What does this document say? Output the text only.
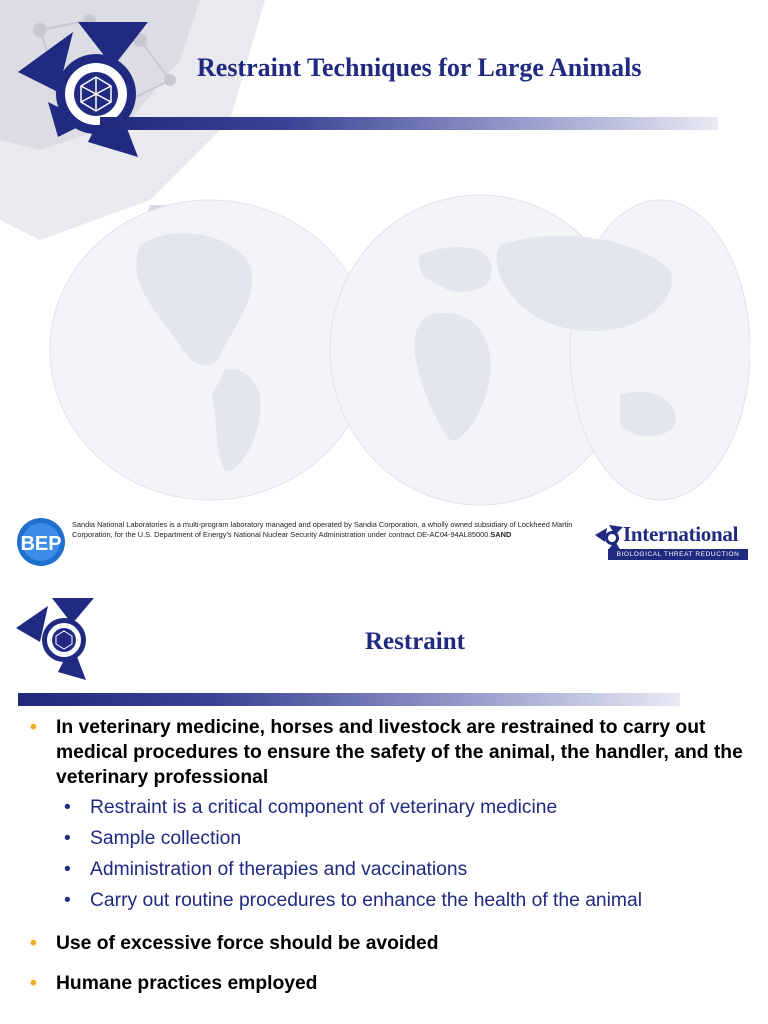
Restraint Techniques for Large Animals
BEP
Sandia National Laboratories is a multi-program laboratory managed and operated by Sandia Corporation, a wholly owned subsidiary of Lockheed Martin Corporation, for the U.S. Department of Energy's National Nuclear Security Administration under contract DE-AC04-94AL85000.SAND	International
BIOLOGICAL THREAT REDUCTION
Restraint
• In veterinary medicine, horses and livestock are restrained to carry out medical procedures to ensure the safety of the animal, the handler, and the veterinary professional
• Restraint is a critical component of veterinary medicine
• Sample collection
• Administration of therapies and vaccinations
• Carry out routine procedures to enhance the health of the animal
• Use of excessive force should be avoided
• Humane practices employed
